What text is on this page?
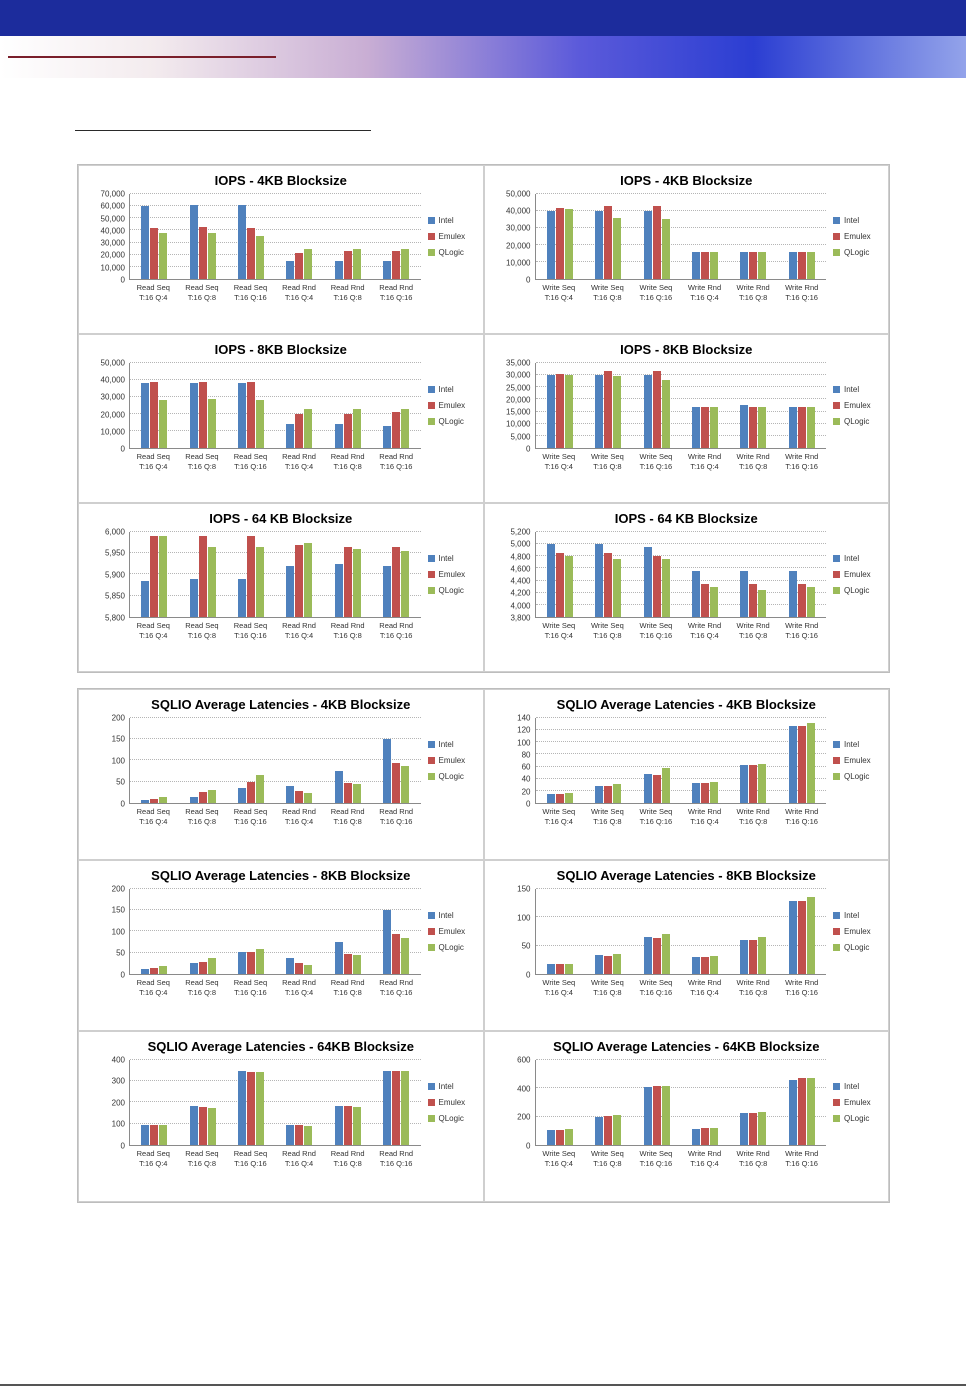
IOPS - 4KB Blocksize
0
10,000
20,000
30,000
40,000
50,000
60,000
70,000
Read Seq
T:16 Q:4
Read Seq
T:16 Q:8
Read Seq
T:16 Q:16
Read Rnd
T:16 Q:4
Read Rnd
T:16 Q:8
Read Rnd
T:16 Q:16
Intel
Emulex
QLogic
IOPS - 4KB Blocksize
0
10,000
20,000
30,000
40,000
50,000
Write Seq
T:16 Q:4
Write Seq
T:16 Q:8
Write Seq
T:16 Q:16
Write Rnd
T:16 Q:4
Write Rnd
T:16 Q:8
Write Rnd
T:16 Q:16
Intel
Emulex
QLogic
IOPS - 8KB Blocksize
0
10,000
20,000
30,000
40,000
50,000
Read Seq
T:16 Q:4
Read Seq
T:16 Q:8
Read Seq
T:16 Q:16
Read Rnd
T:16 Q:4
Read Rnd
T:16 Q:8
Read Rnd
T:16 Q:16
Intel
Emulex
QLogic
IOPS - 8KB Blocksize
0
5,000
10,000
15,000
20,000
25,000
30,000
35,000
Write Seq
T:16 Q:4
Write Seq
T:16 Q:8
Write Seq
T:16 Q:16
Write Rnd
T:16 Q:4
Write Rnd
T:16 Q:8
Write Rnd
T:16 Q:16
Intel
Emulex
QLogic
IOPS - 64 KB Blocksize
5,800
5,850
5,900
5,950
6,000
Read Seq
T:16 Q:4
Read Seq
T:16 Q:8
Read Seq
T:16 Q:16
Read Rnd
T:16 Q:4
Read Rnd
T:16 Q:8
Read Rnd
T:16 Q:16
Intel
Emulex
QLogic
IOPS - 64 KB Blocksize
3,800
4,000
4,200
4,400
4,600
4,800
5,000
5,200
Write Seq
T:16 Q:4
Write Seq
T:16 Q:8
Write Seq
T:16 Q:16
Write Rnd
T:16 Q:4
Write Rnd
T:16 Q:8
Write Rnd
T:16 Q:16
Intel
Emulex
QLogic
SQLIO Average Latencies - 4KB Blocksize
0
50
100
150
200
Read Seq
T:16 Q:4
Read Seq
T:16 Q:8
Read Seq
T:16 Q:16
Read Rnd
T:16 Q:4
Read Rnd
T:16 Q:8
Read Rnd
T:16 Q:16
Intel
Emulex
QLogic
SQLIO Average Latencies - 4KB Blocksize
0
20
40
60
80
100
120
140
Write Seq
T:16 Q:4
Write Seq
T:16 Q:8
Write Seq
T:16 Q:16
Write Rnd
T:16 Q:4
Write Rnd
T:16 Q:8
Write Rnd
T:16 Q:16
Intel
Emulex
QLogic
SQLIO Average Latencies - 8KB Blocksize
0
50
100
150
200
Read Seq
T:16 Q:4
Read Seq
T:16 Q:8
Read Seq
T:16 Q:16
Read Rnd
T:16 Q:4
Read Rnd
T:16 Q:8
Read Rnd
T:16 Q:16
Intel
Emulex
QLogic
SQLIO Average Latencies - 8KB Blocksize
0
50
100
150
Write Seq
T:16 Q:4
Write Seq
T:16 Q:8
Write Seq
T:16 Q:16
Write Rnd
T:16 Q:4
Write Rnd
T:16 Q:8
Write Rnd
T:16 Q:16
Intel
Emulex
QLogic
SQLIO Average Latencies - 64KB Blocksize
0
100
200
300
400
Read Seq
T:16 Q:4
Read Seq
T:16 Q:8
Read Seq
T:16 Q:16
Read Rnd
T:16 Q:4
Read Rnd
T:16 Q:8
Read Rnd
T:16 Q:16
Intel
Emulex
QLogic
SQLIO Average Latencies - 64KB Blocksize
0
200
400
600
Write Seq
T:16 Q:4
Write Seq
T:16 Q:8
Write Seq
T:16 Q:16
Write Rnd
T:16 Q:4
Write Rnd
T:16 Q:8
Write Rnd
T:16 Q:16
Intel
Emulex
QLogic
